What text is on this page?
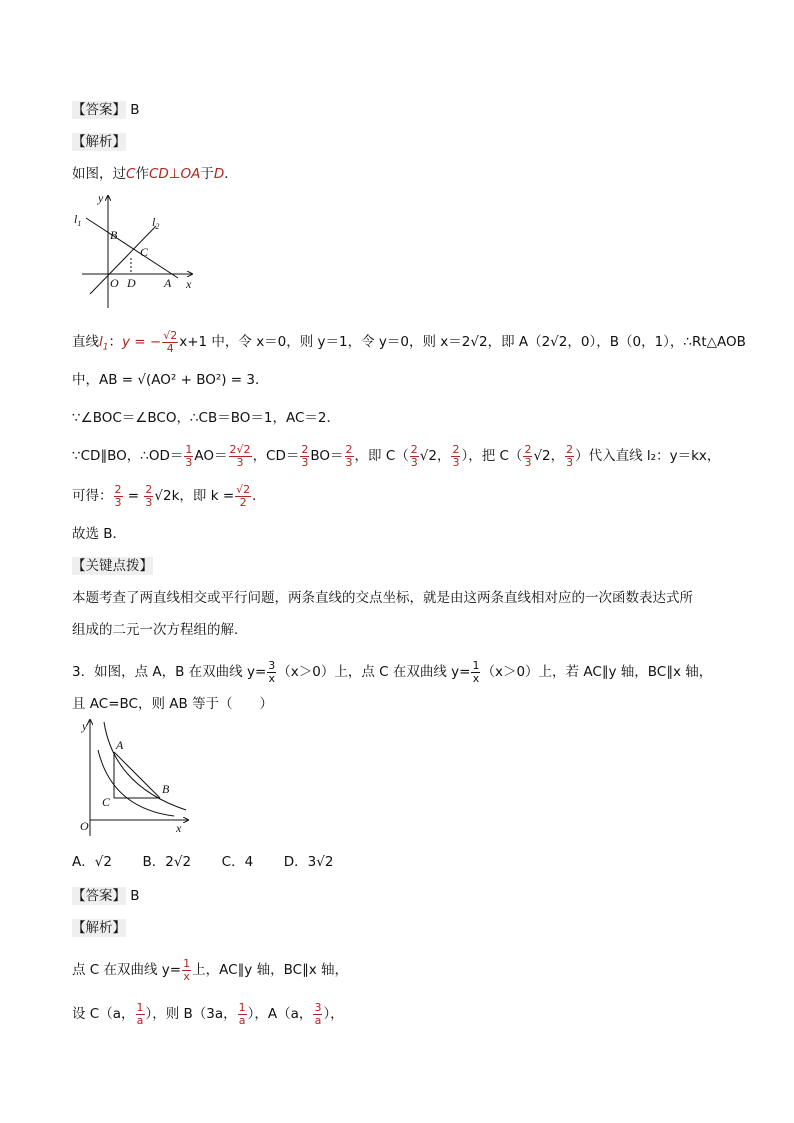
【答案】 B
【解析】
如图，过C作CD⊥OA于D．
$l_1$	$l_2$
y
x
B
C
O D A
直线$l_1$：y = − $\frac{√2}{4} x+1$ 中，令 x＝0，则 y＝1，令 y＝0，则 x＝2√2，即 A（2√2，0），B（0，1），∴Rt△AOB
中，AB = √(AO² + BO²) = 3．
∵∠BOC＝∠BCO，∴CB＝BO＝1，AC＝2．
∵CD∥BO，∴OD＝ $\frac{1}{3} AO= \frac{2√2}{3}$ ，$CD= \frac{2}{3} BO= \frac{2}{3}$ ，即 $C( \frac{2}{3} √2$， $\frac{2}{3}$ ），把 $C( \frac{2}{3} √2$， $\frac{2}{3}$ ）代入直线 l₂：y＝kx，
可得： $\frac{2}{3} = \frac{2}{3} √2k$，即 $k = \frac{√2}{2}$ ．
故选 B．
【关键点拨】
本题考查了两直线相交或平行问题，两条直线的交点坐标，就是由这两条直线相对应的一次函数表达式所
组成的二元一次方程组的解．
3．如图，点 A，B 在双曲线 $y= \frac{3}{x} (x>0)$上，点 C 在双曲线 $y= \frac{1}{x} (x>0)$上，若 AC∥y 轴，BC∥x 轴，
且 AC=BC，则 AB 等于（　　）
y
A
B
C
O	x
A．√2 B．2√2 C．4 D．3√2
【答案】 B
【解析】
点 C 在双曲线 $y= \frac{1}{x}$ 上，AC∥y 轴，BC∥x 轴，
设 C（a， $\frac{1}{a}$ ），则 B（3a， $\frac{1}{a}$ ），A（a， $\frac{3}{a}$ ），
